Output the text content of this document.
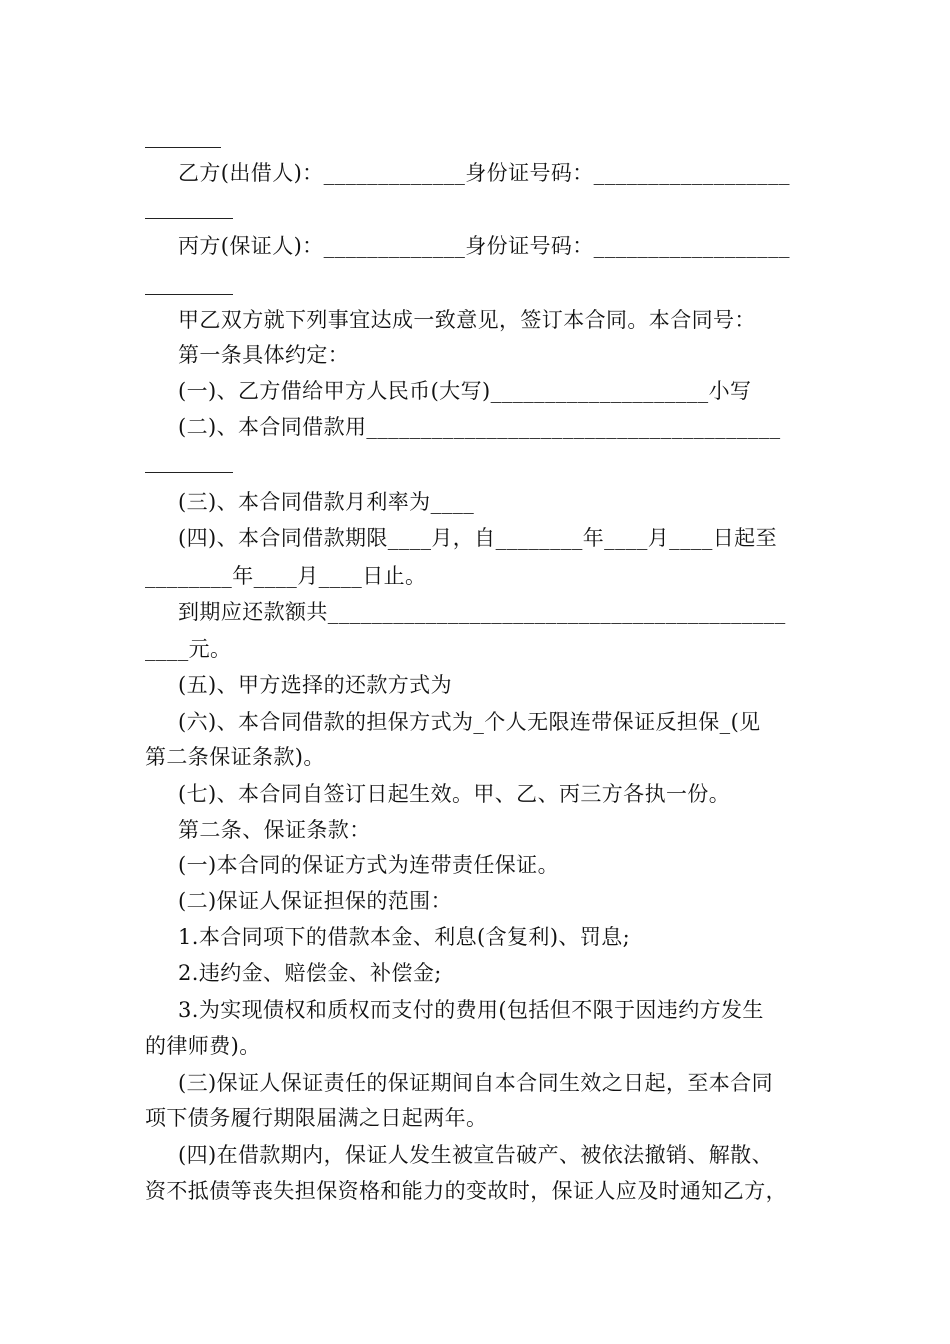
乙方(出借人)：_____________身份证号码：__________________
丙方(保证人)：_____________身份证号码：__________________
甲乙双方就下列事宜达成一致意见，签订本合同。本合同号：
第一条具体约定：
(一)、乙方借给甲方人民币(大写)____________________小写
(二)、本合同借款用______________________________________
(三)、本合同借款月利率为____
(四)、本合同借款期限____月，自________年____月____日起至
________年____月____日止。
到期应还款额共__________________________________________
____元。
(五)、甲方选择的还款方式为
(六)、本合同借款的担保方式为_个人无限连带保证反担保_(见
第二条保证条款)。
(七)、本合同自签订日起生效。甲、乙、丙三方各执一份。
第二条、保证条款：
(一)本合同的保证方式为连带责任保证。
(二)保证人保证担保的范围：
1.本合同项下的借款本金、利息(含复利)、罚息;
2.违约金、赔偿金、补偿金;
3.为实现债权和质权而支付的费用(包括但不限于因违约方发生
的律师费)。
(三)保证人保证责任的保证期间自本合同生效之日起，至本合同
项下债务履行期限届满之日起两年。
(四)在借款期内，保证人发生被宣告破产、被依法撤销、解散、
资不抵债等丧失担保资格和能力的变故时，保证人应及时通知乙方，
